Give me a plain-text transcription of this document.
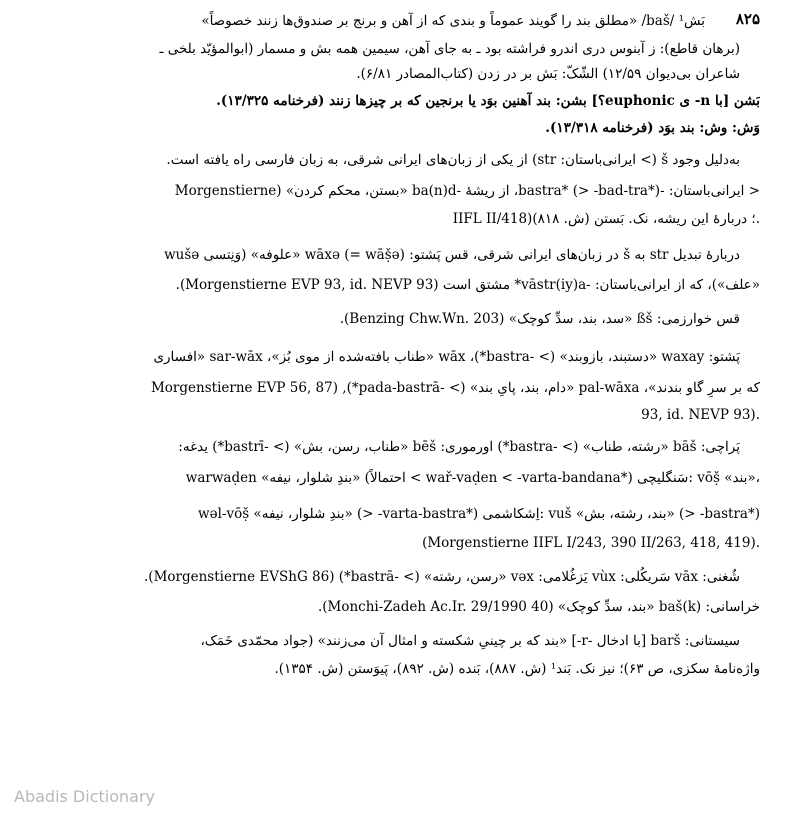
۸۲۵
بَش¹ /baš/ «مطلق بند را گویند عموماً و بندی که از آهن و برنج بر صندوق‌ها زنند خصوصاً»
(برهان قاطع): ز آبنوس دری اندرو فراشته بود ـ به جای آهن، سیمین همه بش و مسمار (ابوالمؤیّد بلخی ـ
شاعران بی‌دیوان ۱۲/۵۹) الشّکّ: بَش بر در زدن (کتاب‌المصادر ۶/۸۱).
بَشن [با n- ی euphonic؟] بشن: بند آهنین بوَد یا برنجین که بر چیزها زنند (فرخنامه ۱۳/۳۲۵).
وَش: وش: بند بوَد (فرخنامه ۱۳/۳۱۸).
به‌دلیل وجود š (> ایرانی‌باستان: str) از یکی از زبان‌های ایرانی شرقی، به زبان فارسی راه یافته است.
< ایرانی‌باستان: -bastra* (> -bad-tra*)، از ریشهٔ -ba(n)d «بستن، محکم کردن» (Morgenstierne
IIFL II/418)؛ دربارهٔ این ریشه، نک. بَستن (ش. ۸۱۸).
دربارهٔ تبدیل str به š در زبان‌های ایرانی شرقی، قس پَشتو: wāxə (= wāṣ̌ə) «علوفه» (وَنِتسی wušə
«علف»)، که از ایرانی‌باستان: -vāstr(iy)a* مشتق است (Morgenstierne EVP 93, id. NEVP 93).
قس خوارزمی: ßš «سد، بند، سدِّ کوچک» (Benzing Chw.Wn. 203).
پَشتو: waxay «دستبند، بازوبند» (> -bastra*)، wāx «طناب بافته‌شده از موی بُز»، sar-wāx «افساری
که بر سرِ گاو بندند»، pal-wāxa «دام، بند، پایِ بند» (> -pada-bastrā*), (Morgenstierne EVP 56, 87
93, id. NEVP 93).
پَراچی: bāš «رشته، طناب» (> -bastra*) اورموری: bēš «طناب، رسن، بش» (> -bastrī*) یدغه:
warwaḍen «بندِ شلوار، نیفه» (احتمالاً < wař-vaḍen < -varta-bandana*) سَنگلیچی: vōṣ̌ «بند»،
wəl-vōṣ̌ «بندِ شلوار، نیفه» (> -varta-bastra*) اِشکاشمی: vuš «بند، رشته، بش» (> -bastra*)
(Morgenstierne IIFL I/243, 390 II/263, 418, 419).
شُغنی: vāx سَریکُلی: vùx یَزغُلامی: vəx «رسن، رشته» (> -bastrā*) (Morgenstierne EVShG 86).
خراسانی: baš(k) «بند، سدِّ کوچک» (Monchi-Zadeh Ac.Ir. 29/1990 40).
سیستانی: barš [با ادخال -r-] «بند که بر چینیِ شکسته و امثال آن می‌زنند» (جواد محمّدی خَمَک،
واژه‌نامهٔ سکزی، ص ۶۳)؛ نیز نک. بَند¹ (ش. ۸۸۷)، بَنده (ش. ۸۹۲)، پَیوَستن (ش. ۱۳۵۴).
Abadis Dictionary
